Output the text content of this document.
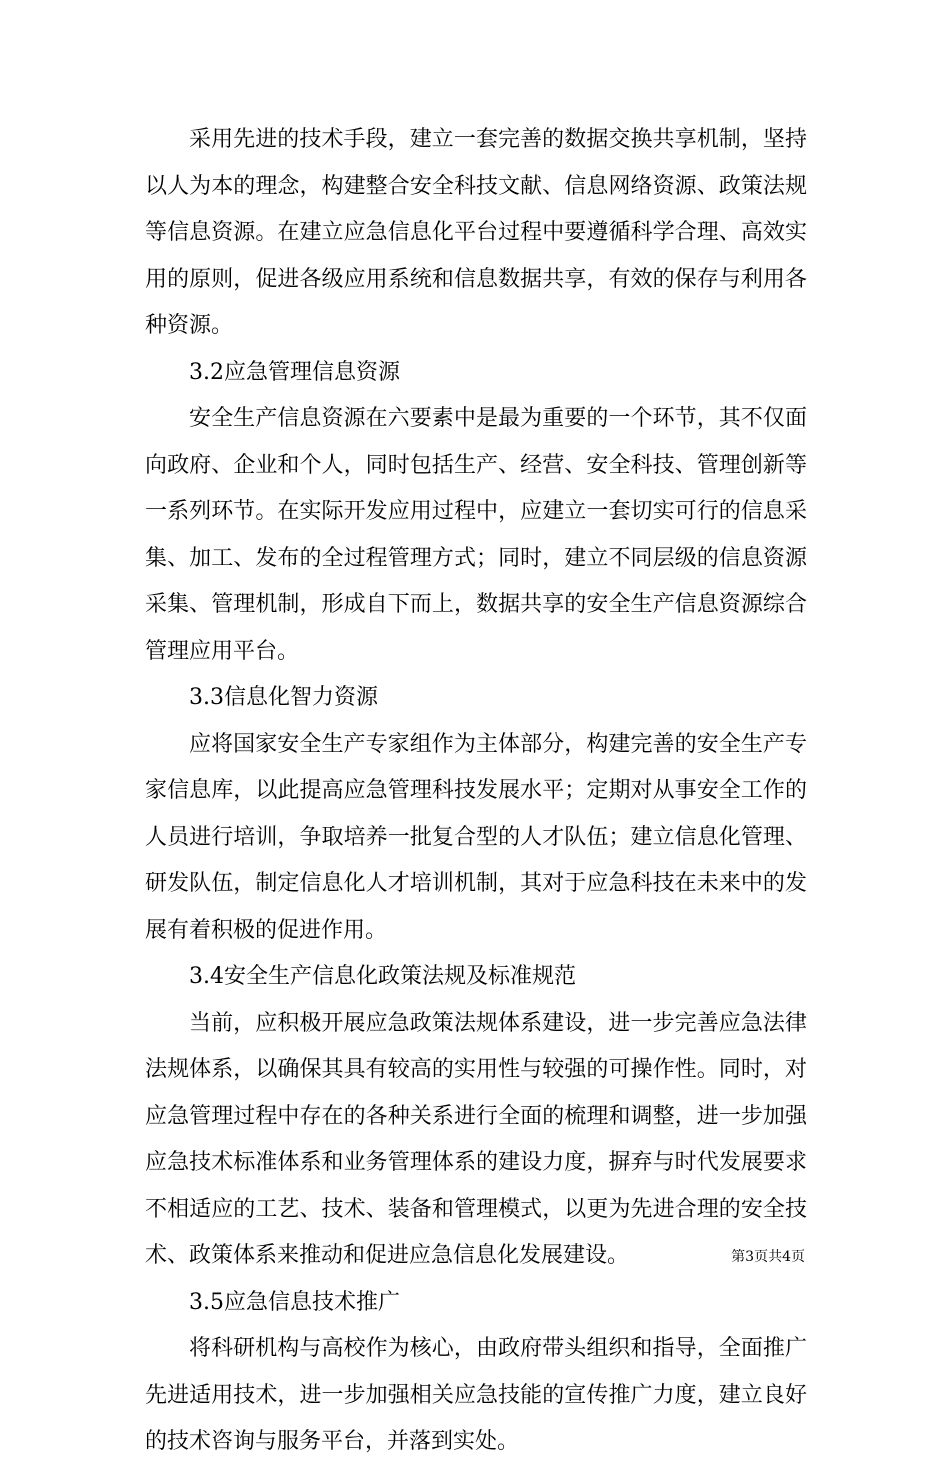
采用先进的技术手段，建立一套完善的数据交换共享机制，坚持以人为本的理念，构建整合安全科技文献、信息网络资源、政策法规等信息资源。在建立应急信息化平台过程中要遵循科学合理、高效实用的原则，促进各级应用系统和信息数据共享，有效的保存与利用各种资源。

3.2应急管理信息资源

安全生产信息资源在六要素中是最为重要的一个环节，其不仅面向政府、企业和个人，同时包括生产、经营、安全科技、管理创新等一系列环节。在实际开发应用过程中，应建立一套切实可行的信息采集、加工、发布的全过程管理方式；同时，建立不同层级的信息资源采集、管理机制，形成自下而上，数据共享的安全生产信息资源综合管理应用平台。

3.3信息化智力资源

应将国家安全生产专家组作为主体部分，构建完善的安全生产专家信息库，以此提高应急管理科技发展水平；定期对从事安全工作的人员进行培训，争取培养一批复合型的人才队伍；建立信息化管理、研发队伍，制定信息化人才培训机制，其对于应急科技在未来中的发展有着积极的促进作用。

3.4安全生产信息化政策法规及标准规范

当前，应积极开展应急政策法规体系建设，进一步完善应急法律法规体系，以确保其具有较高的实用性与较强的可操作性。同时，对应急管理过程中存在的各种关系进行全面的梳理和调整，进一步加强应急技术标准体系和业务管理体系的建设力度，摒弃与时代发展要求不相适应的工艺、技术、装备和管理模式，以更为先进合理的安全技术、政策体系来推动和促进应急信息化发展建设。

3.5应急信息技术推广

将科研机构与高校作为核心，由政府带头组织和指导，全面推广先进适用技术，进一步加强相关应急技能的宣传推广力度，建立良好的技术咨询与服务平台，并落到实处。

第3页共4页
